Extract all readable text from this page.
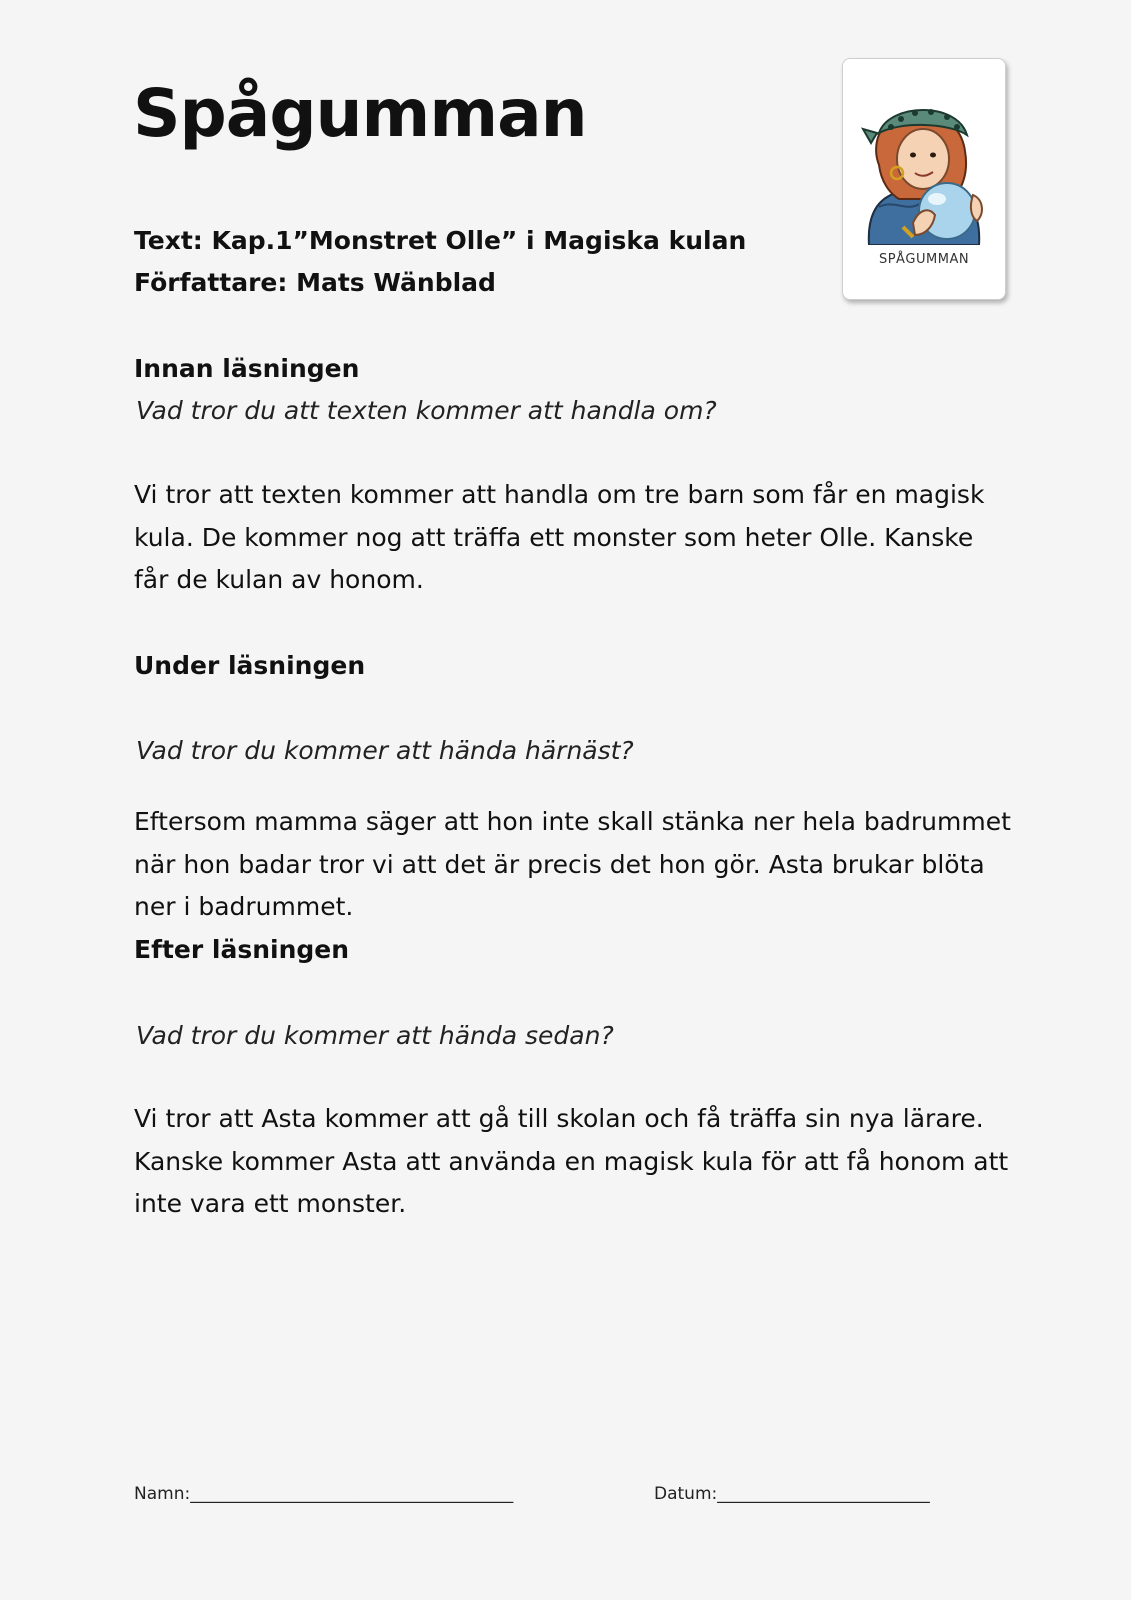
Spågumman
Text: Kap.1”Monstret Olle” i Magiska kulan
Författare: Mats Wänblad
SPÅGUMMAN
Innan läsningen
Vad tror du att texten kommer att handla om?
Vi tror att texten kommer att handla om tre barn som får en magisk kula. De kommer nog att träffa ett monster som heter Olle. Kanske får de kulan av honom.
Under läsningen
Vad tror du kommer att hända härnäst?
Eftersom mamma säger att hon inte skall stänka ner hela badrummet när hon badar tror vi att det är precis det hon gör. Asta brukar blöta ner i badrummet.
Efter läsningen
Vad tror du kommer att hända sedan?
Vi tror att Asta kommer att gå till skolan och få träffa sin nya lärare. Kanske kommer Asta att använda en magisk kula för att få honom att inte vara ett monster.
Namn:______________________________________	Datum:_________________________
